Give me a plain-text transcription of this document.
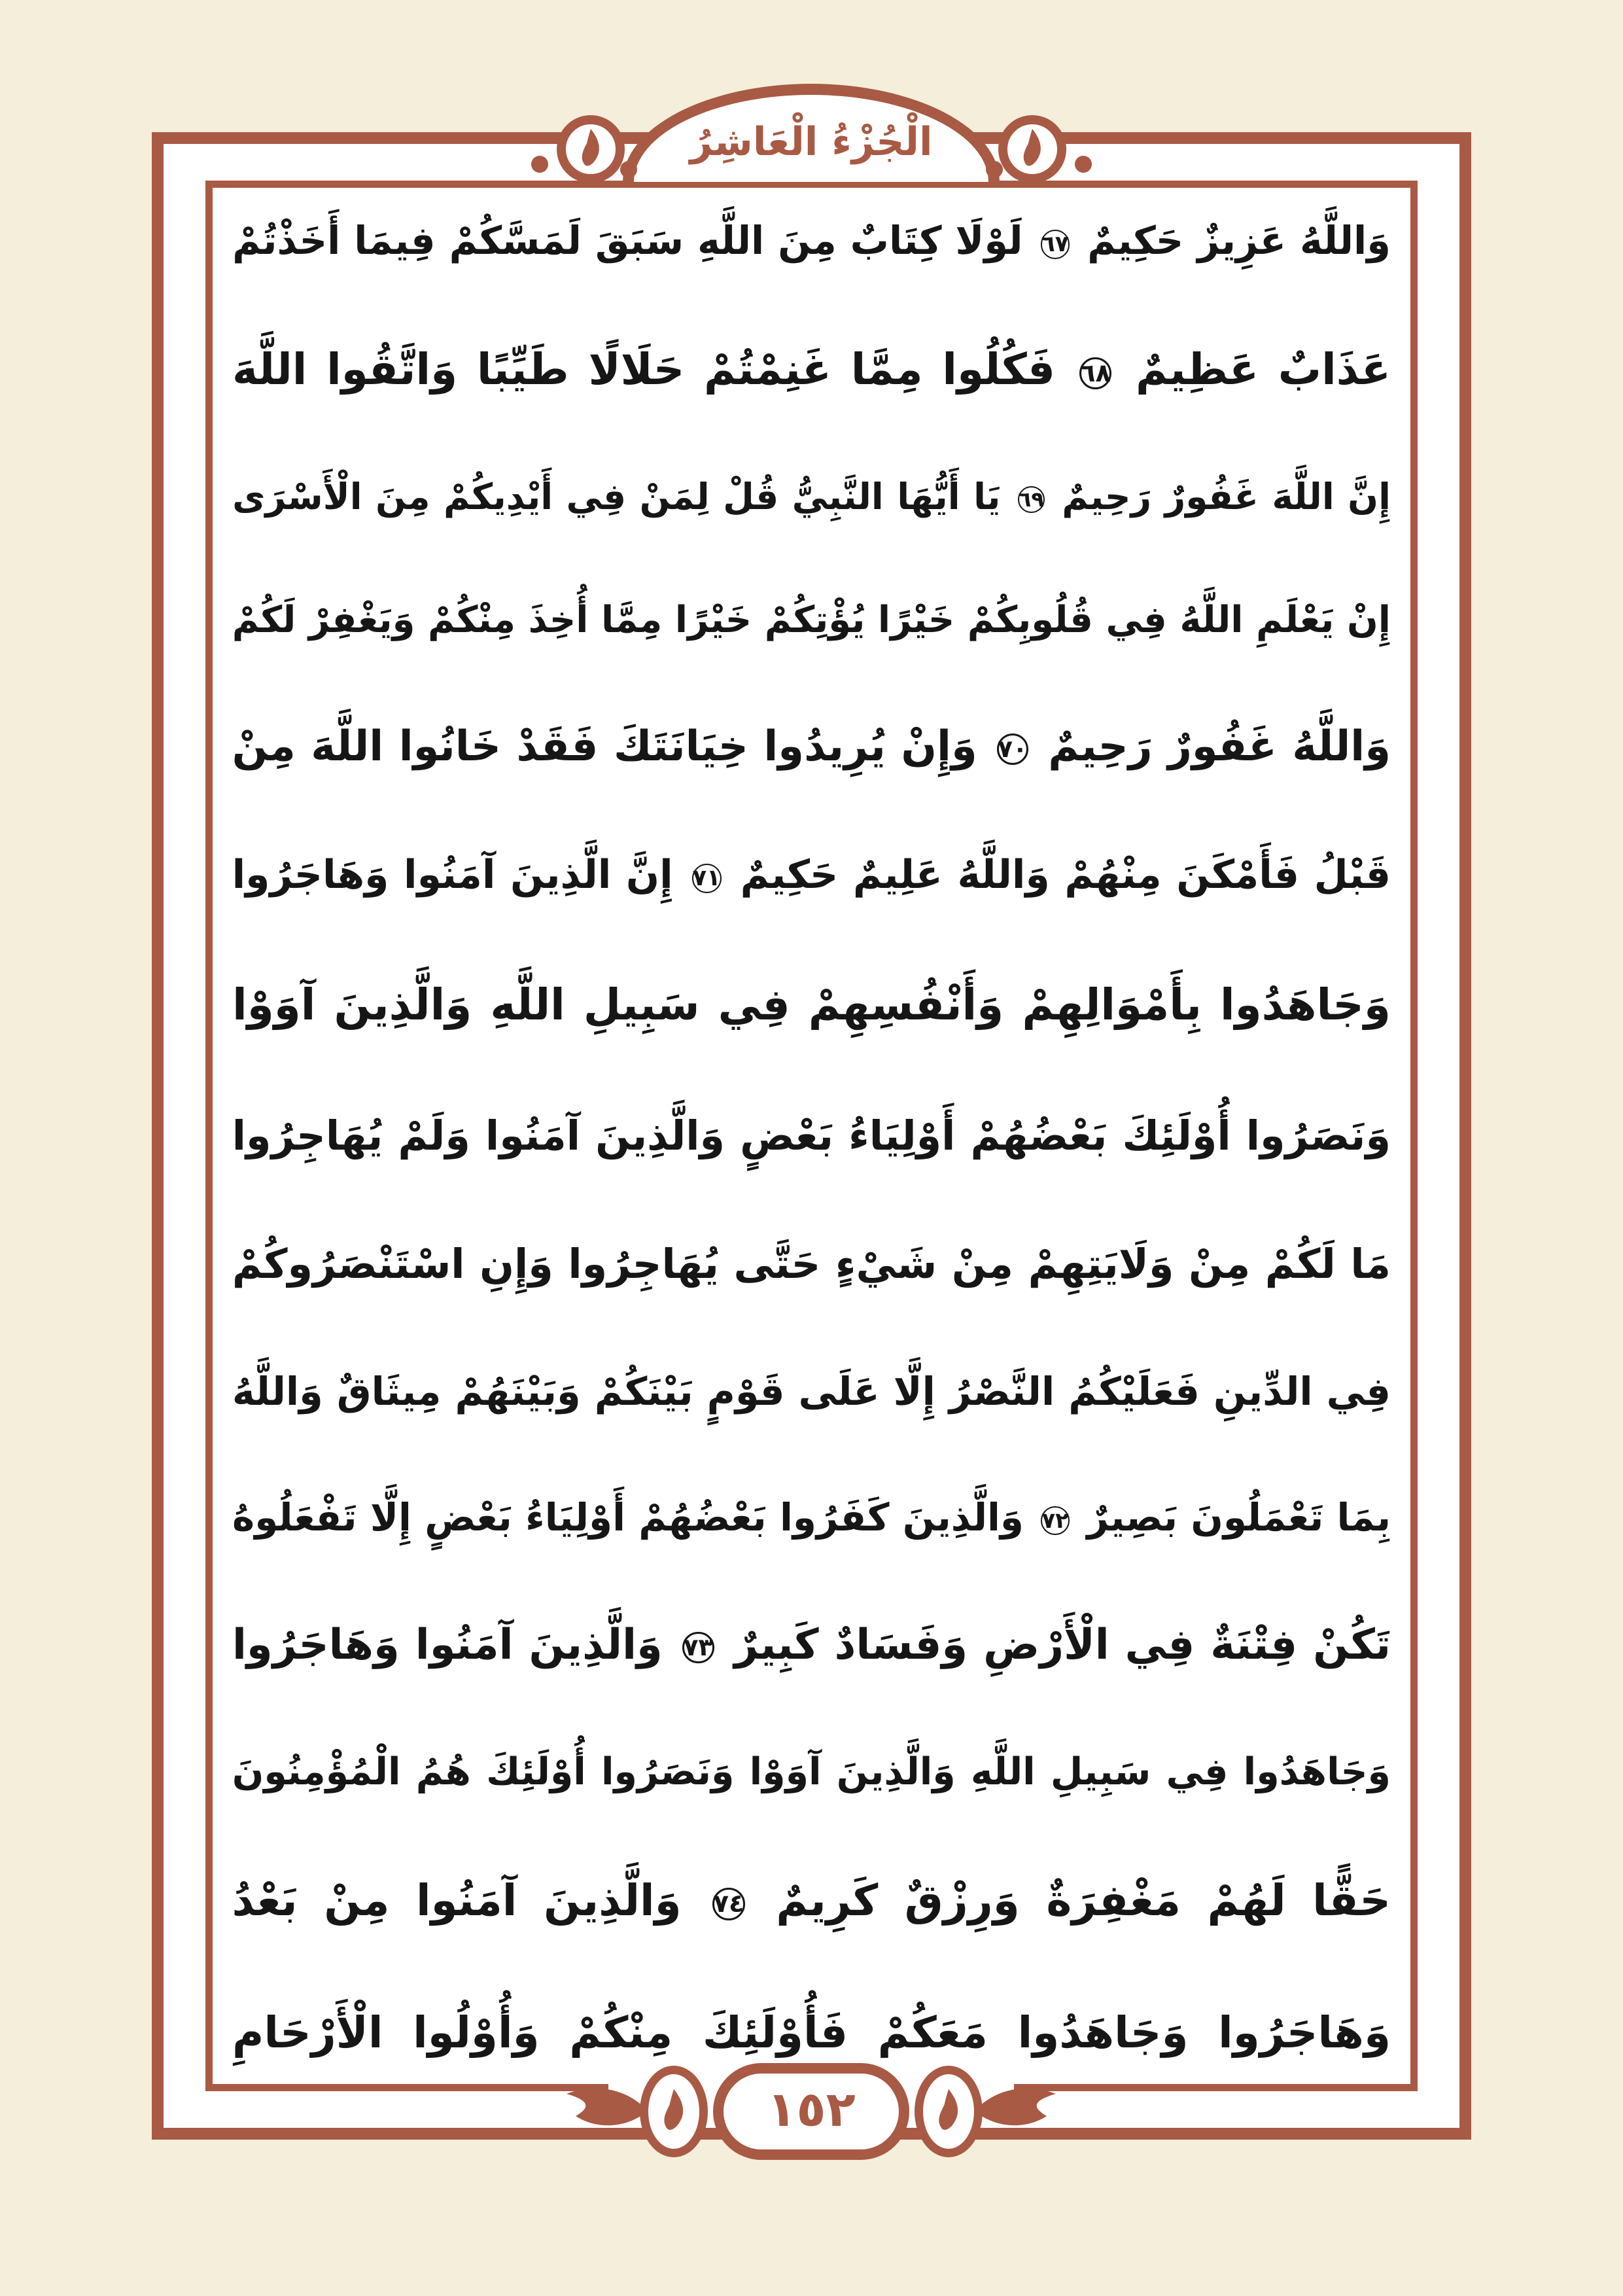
الْجُزْءُ الْعَاشِرُ
وَاللَّهُ عَزِيزٌ حَكِيمٌ ٦٧ لَوْلَا كِتَابٌ مِنَ اللَّهِ سَبَقَ لَمَسَّكُمْ فِيمَا أَخَذْتُمْ
عَذَابٌ عَظِيمٌ ٦٨ فَكُلُوا مِمَّا غَنِمْتُمْ حَلَالًا طَيِّبًا وَاتَّقُوا اللَّهَ
إِنَّ اللَّهَ غَفُورٌ رَحِيمٌ ٦٩ يَا أَيُّهَا النَّبِيُّ قُلْ لِمَنْ فِي أَيْدِيكُمْ مِنَ الْأَسْرَى
إِنْ يَعْلَمِ اللَّهُ فِي قُلُوبِكُمْ خَيْرًا يُؤْتِكُمْ خَيْرًا مِمَّا أُخِذَ مِنْكُمْ وَيَغْفِرْ لَكُمْ
وَاللَّهُ غَفُورٌ رَحِيمٌ ٧٠ وَإِنْ يُرِيدُوا خِيَانَتَكَ فَقَدْ خَانُوا اللَّهَ مِنْ
قَبْلُ فَأَمْكَنَ مِنْهُمْ وَاللَّهُ عَلِيمٌ حَكِيمٌ ٧١ إِنَّ الَّذِينَ آمَنُوا وَهَاجَرُوا
وَجَاهَدُوا بِأَمْوَالِهِمْ وَأَنْفُسِهِمْ فِي سَبِيلِ اللَّهِ وَالَّذِينَ آوَوْا
وَنَصَرُوا أُوْلَئِكَ بَعْضُهُمْ أَوْلِيَاءُ بَعْضٍ وَالَّذِينَ آمَنُوا وَلَمْ يُهَاجِرُوا
مَا لَكُمْ مِنْ وَلَايَتِهِمْ مِنْ شَيْءٍ حَتَّى يُهَاجِرُوا وَإِنِ اسْتَنْصَرُوكُمْ
فِي الدِّينِ فَعَلَيْكُمُ النَّصْرُ إِلَّا عَلَى قَوْمٍ بَيْنَكُمْ وَبَيْنَهُمْ مِيثَاقٌ وَاللَّهُ
بِمَا تَعْمَلُونَ بَصِيرٌ ٧٢ وَالَّذِينَ كَفَرُوا بَعْضُهُمْ أَوْلِيَاءُ بَعْضٍ إِلَّا تَفْعَلُوهُ
تَكُنْ فِتْنَةٌ فِي الْأَرْضِ وَفَسَادٌ كَبِيرٌ ٧٣ وَالَّذِينَ آمَنُوا وَهَاجَرُوا
وَجَاهَدُوا فِي سَبِيلِ اللَّهِ وَالَّذِينَ آوَوْا وَنَصَرُوا أُوْلَئِكَ هُمُ الْمُؤْمِنُونَ
حَقًّا لَهُمْ مَغْفِرَةٌ وَرِزْقٌ كَرِيمٌ ٧٤ وَالَّذِينَ آمَنُوا مِنْ بَعْدُ
وَهَاجَرُوا وَجَاهَدُوا مَعَكُمْ فَأُوْلَئِكَ مِنْكُمْ وَأُوْلُوا الْأَرْحَامِ
١٥٢
